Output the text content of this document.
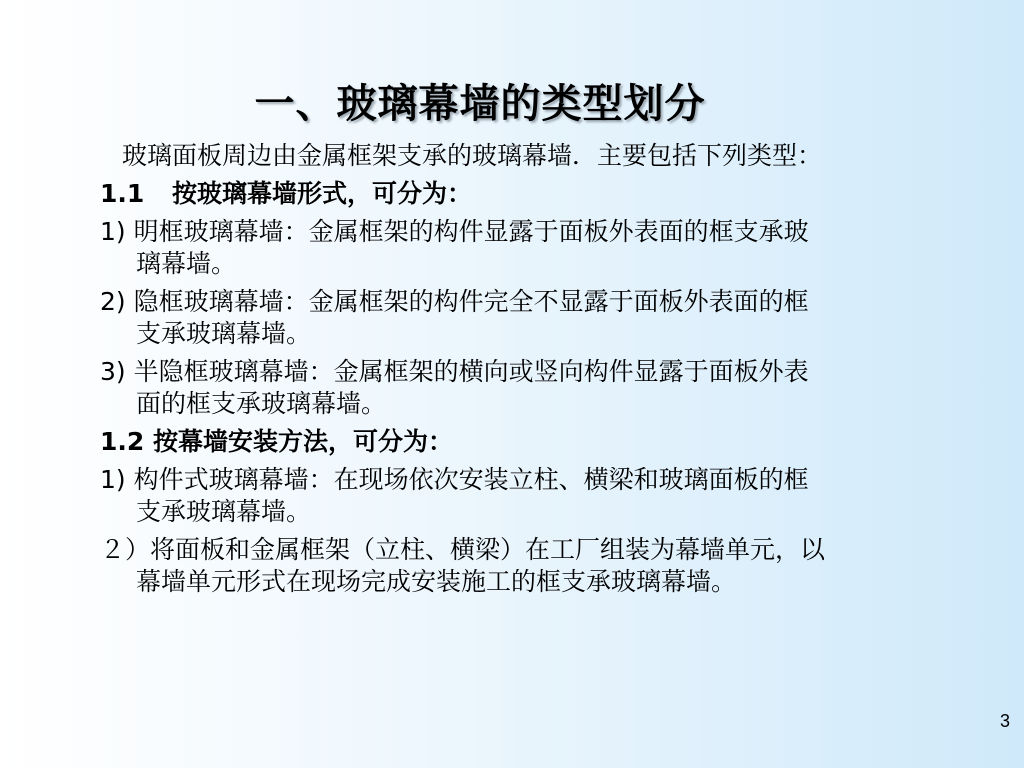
一、玻璃幕墙的类型划分
玻璃面板周边由金属框架支承的玻璃幕墙．主要包括下列类型：
1.1 按玻璃幕墙形式，可分为：
1) 明框玻璃幕墙：金属框架的构件显露于面板外表面的框支承玻
璃幕墙。
2) 隐框玻璃幕墙：金属框架的构件完全不显露于面板外表面的框
支承玻璃幕墙。
3) 半隐框玻璃幕墙：金属框架的横向或竖向构件显露于面板外表
面的框支承玻璃幕墙。
1.2 按幕墙安装方法，可分为：
1) 构件式玻璃幕墙：在现场依次安装立柱、横梁和玻璃面板的框
支承玻璃幕墙。
２）将面板和金属框架（立柱、横梁）在工厂组装为幕墙单元，以
幕墙单元形式在现场完成安装施工的框支承玻璃幕墙。
3
